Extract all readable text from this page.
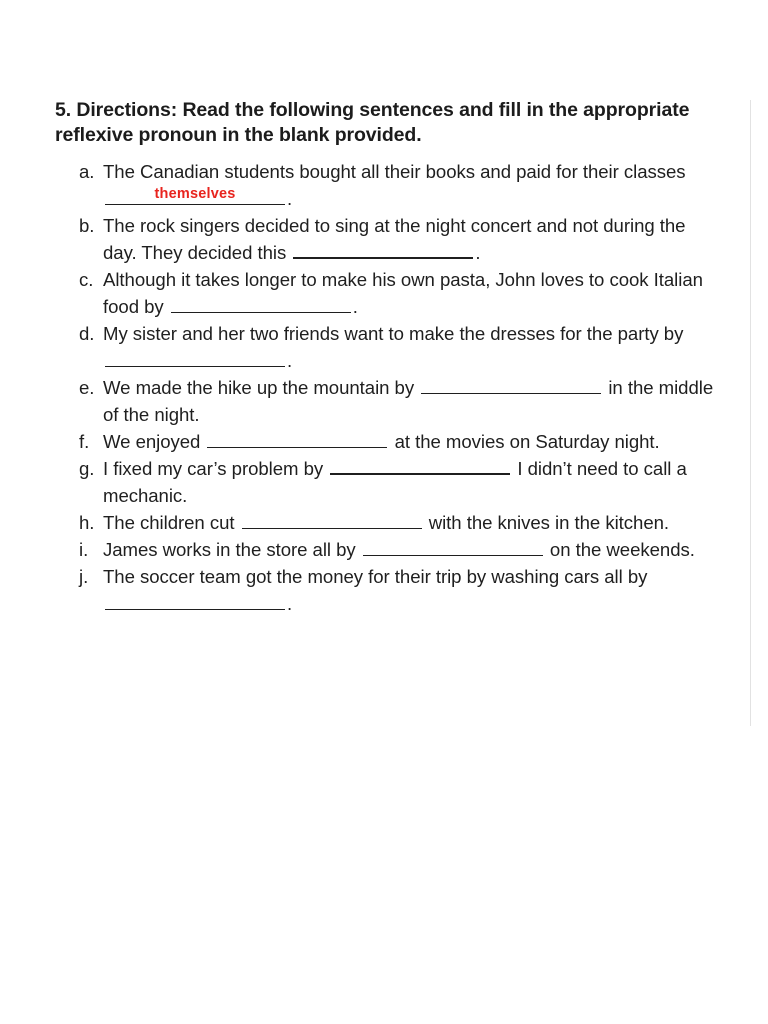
5. Directions: Read the following sentences and fill in the appropriate reflexive pronoun in the blank provided.

a. The Canadian students bought all their books and paid for their classes
themselves	.
b. The rock singers decided to sing at the night concert and not during the day. They decided this	.
c. Although it takes longer to make his own pasta, John loves to cook Italian food by	.
d. My sister and her two friends want to make the dresses for the party by .
e. We made the hike up the mountain by	in the middle of the night.
f. We enjoyed	at the movies on Saturday night.
g. I fixed my car’s problem by	I didn’t need to call a mechanic.
h. The children cut	with the knives in the kitchen.
i. James works in the store all by	on the weekends.
j. The soccer team got the money for their trip by washing cars all by .
